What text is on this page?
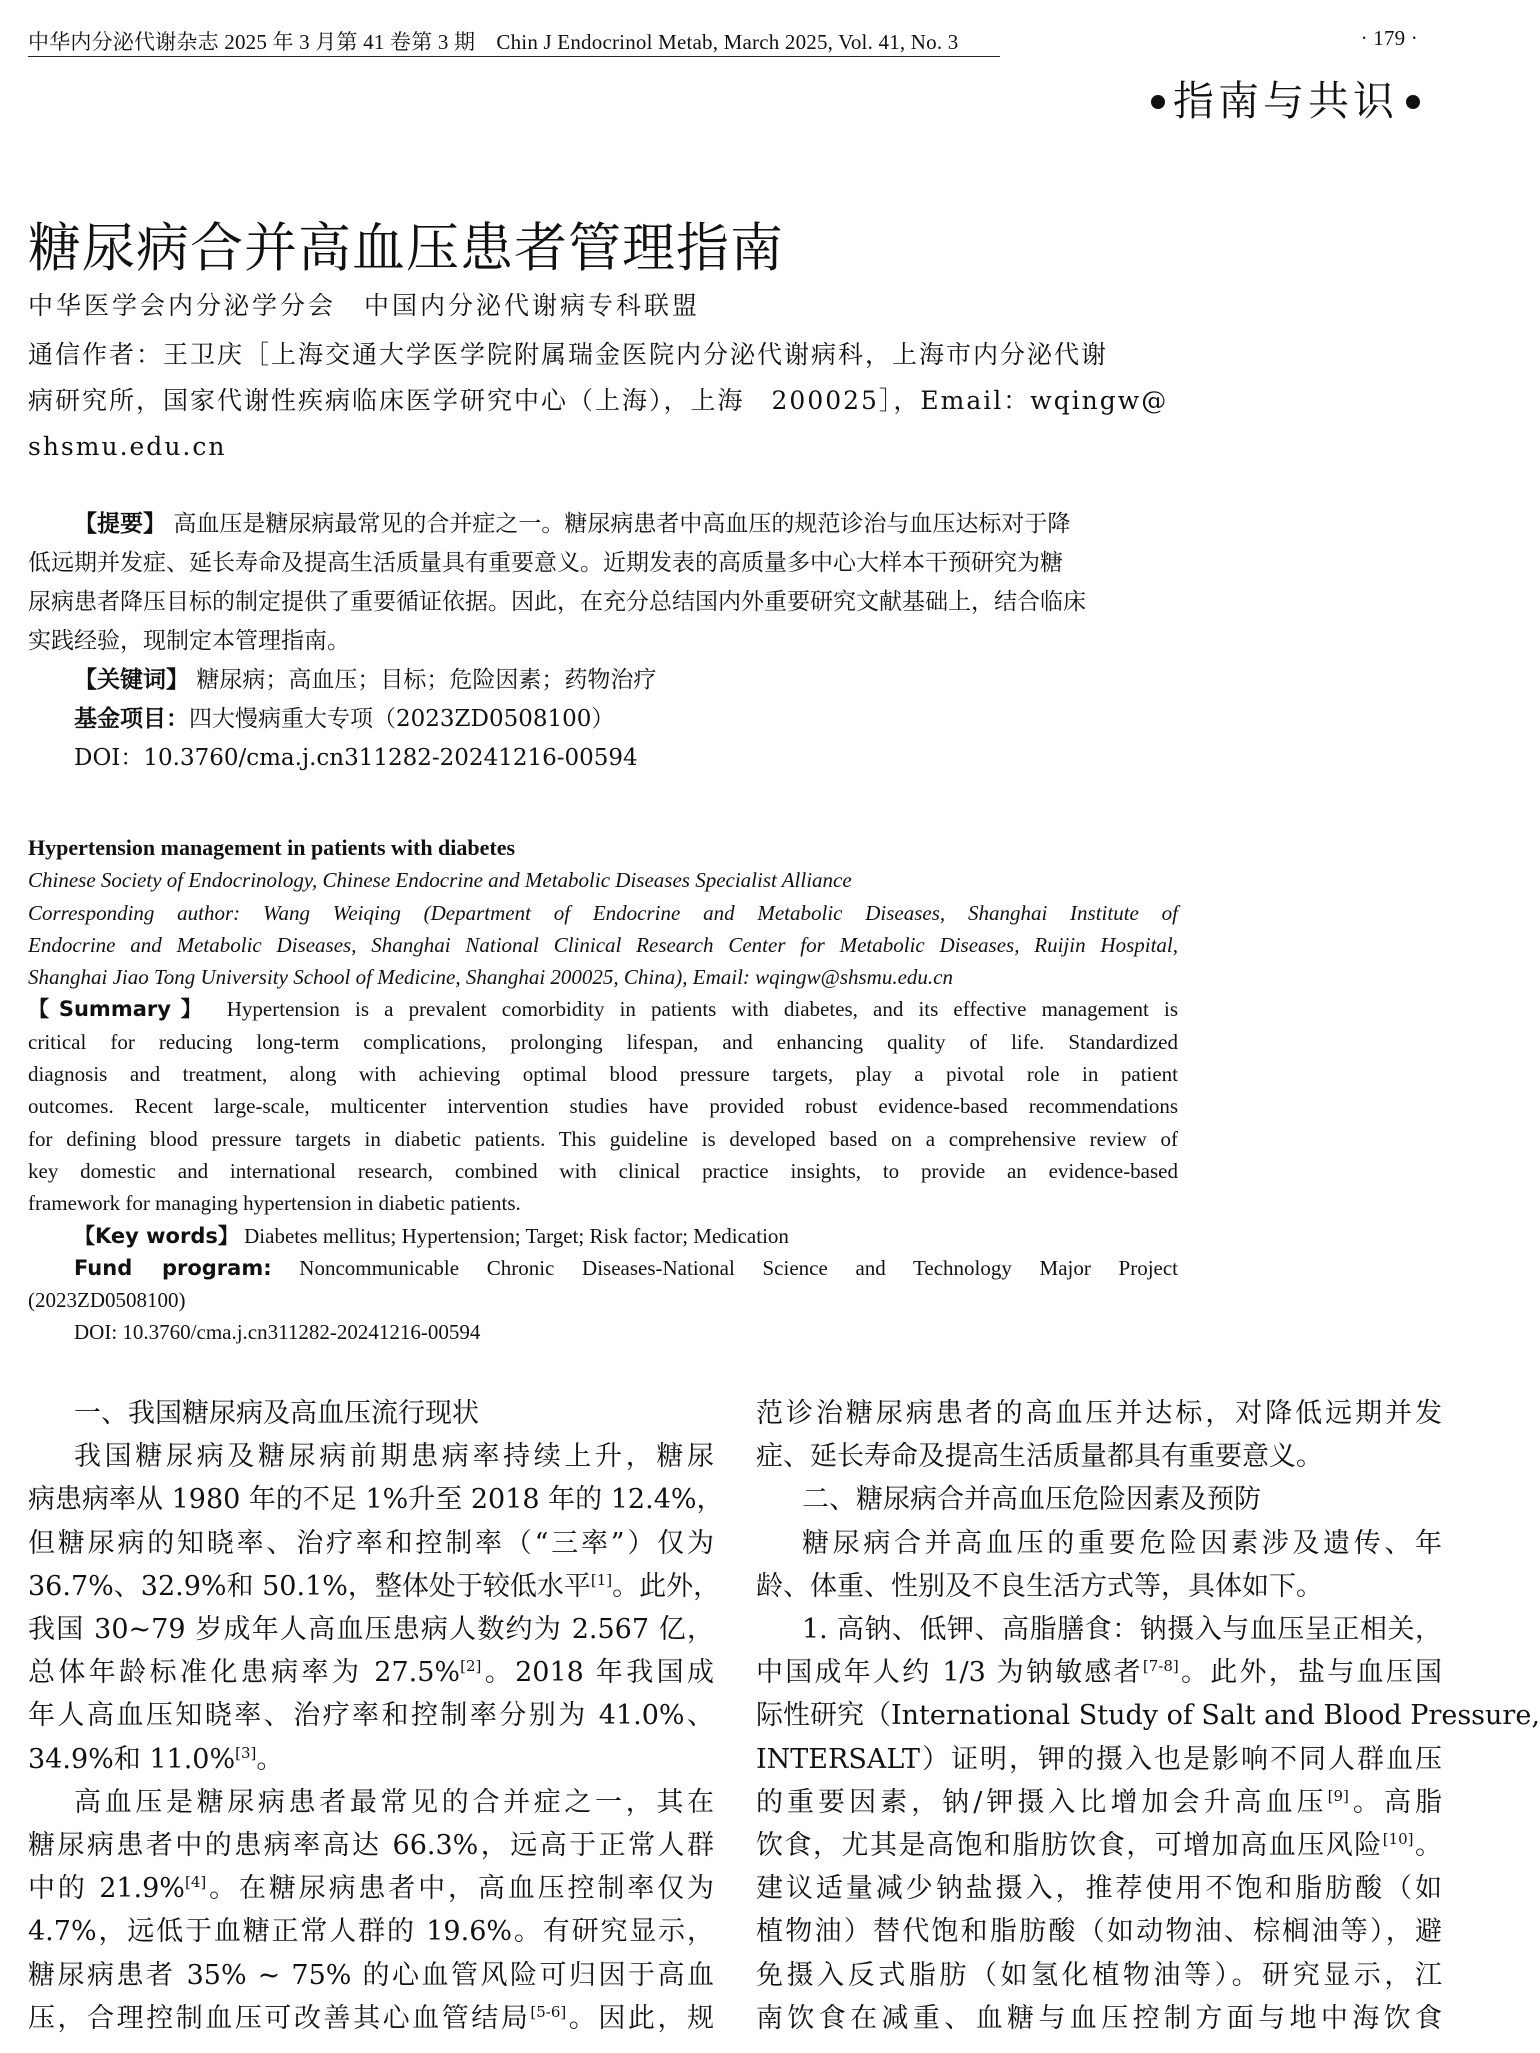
中华内分泌代谢杂志 2025 年 3 月第 41 卷第 3 期　Chin J Endocrinol Metab, March 2025, Vol. 41, No. 3	· 179 ·
指南与共识
糖尿病合并高血压患者管理指南
中华医学会内分泌学分会　中国内分泌代谢病专科联盟
通信作者：王卫庆［上海交通大学医学院附属瑞金医院内分泌代谢病科，上海市内分泌代谢
病研究所，国家代谢性疾病临床医学研究中心（上海），上海　200025］，Email：wqingw@
shsmu.edu.cn
【提要】 高血压是糖尿病最常见的合并症之一。糖尿病患者中高血压的规范诊治与血压达标对于降
低远期并发症、延长寿命及提高生活质量具有重要意义。近期发表的高质量多中心大样本干预研究为糖
尿病患者降压目标的制定提供了重要循证依据。因此，在充分总结国内外重要研究文献基础上，结合临床
实践经验，现制定本管理指南。
【关键词】 糖尿病；高血压；目标；危险因素；药物治疗
基金项目：四大慢病重大专项（2023ZD0508100）
DOI：10.3760/cma.j.cn311282-20241216-00594
Hypertension management in patients with diabetes
Chinese Society of Endocrinology, Chinese Endocrine and Metabolic Diseases Specialist Alliance
Corresponding author: Wang Weiqing (Department of Endocrine and Metabolic Diseases, Shanghai Institute of
Endocrine and Metabolic Diseases, Shanghai National Clinical Research Center for Metabolic Diseases, Ruijin Hospital,
Shanghai Jiao Tong University School of Medicine, Shanghai 200025, China), Email: wqingw@shsmu.edu.cn
【Summary】 Hypertension is a prevalent comorbidity in patients with diabetes, and its effective management is
critical for reducing long-term complications, prolonging lifespan, and enhancing quality of life. Standardized
diagnosis and treatment, along with achieving optimal blood pressure targets, play a pivotal role in patient
outcomes. Recent large-scale, multicenter intervention studies have provided robust evidence-based recommendations
for defining blood pressure targets in diabetic patients. This guideline is developed based on a comprehensive review of
key domestic and international research, combined with clinical practice insights, to provide an evidence-based
framework for managing hypertension in diabetic patients.
【Key words】 Diabetes mellitus; Hypertension; Target; Risk factor; Medication
Fund program: Noncommunicable Chronic Diseases-National Science and Technology Major Project
(2023ZD0508100)
DOI: 10.3760/cma.j.cn311282-20241216-00594
一、我国糖尿病及高血压流行现状
我国糖尿病及糖尿病前期患病率持续上升，糖尿
病患病率从 1980 年的不足 1%升至 2018 年的 12.4%，
但糖尿病的知晓率、治疗率和控制率（“三率”）仅为
36.7%、32.9%和 50.1%，整体处于较低水平[1]。此外，
我国 30~79 岁成年人高血压患病人数约为 2.567 亿，
总体年龄标准化患病率为 27.5%[2]。2018 年我国成
年人高血压知晓率、治疗率和控制率分别为 41.0%、
34.9%和 11.0%[3]。
高血压是糖尿病患者最常见的合并症之一，其在
糖尿病患者中的患病率高达 66.3%，远高于正常人群
中的 21.9%[4]。在糖尿病患者中，高血压控制率仅为
4.7%，远低于血糖正常人群的 19.6%。有研究显示，
糖尿病患者 35% ~ 75% 的心血管风险可归因于高血
压，合理控制血压可改善其心血管结局[5-6]。因此，规
范诊治糖尿病患者的高血压并达标，对降低远期并发
症、延长寿命及提高生活质量都具有重要意义。
二、糖尿病合并高血压危险因素及预防
糖尿病合并高血压的重要危险因素涉及遗传、年
龄、体重、性别及不良生活方式等，具体如下。
1. 高钠、低钾、高脂膳食：钠摄入与血压呈正相关，
中国成年人约 1/3 为钠敏感者[7-8]。此外，盐与血压国
际性研究（International Study of Salt and Blood Pressure,
INTERSALT）证明，钾的摄入也是影响不同人群血压
的重要因素，钠/钾摄入比增加会升高血压[9]。高脂
饮食，尤其是高饱和脂肪饮食，可增加高血压风险[10]。
建议适量减少钠盐摄入，推荐使用不饱和脂肪酸（如
植物油）替代饱和脂肪酸（如动物油、棕榈油等），避
免摄入反式脂肪（如氢化植物油等）。研究显示，江
南饮食在减重、血糖与血压控制方面与地中海饮食
